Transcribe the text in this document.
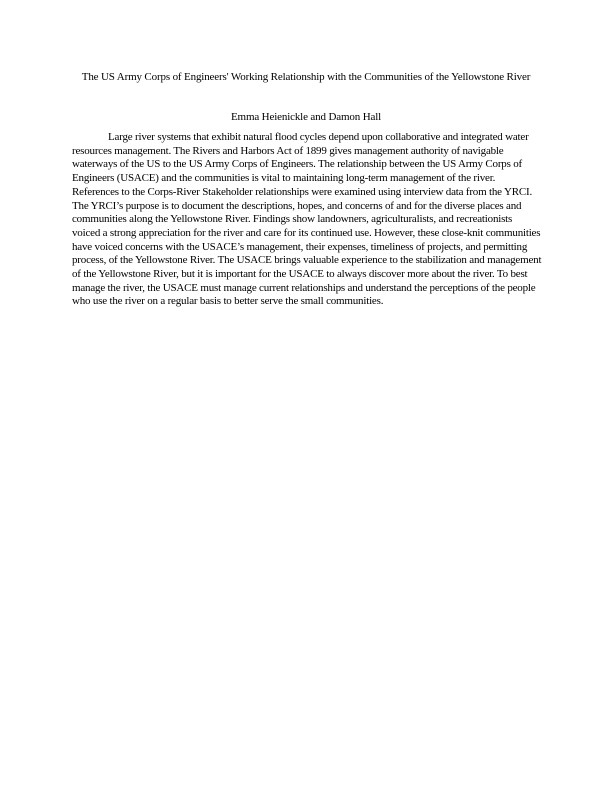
The US Army Corps of Engineers' Working Relationship with the Communities of the Yellowstone River
Emma Heienickle and Damon Hall

Large river systems that exhibit natural flood cycles depend upon collaborative and integrated water resources management. The Rivers and Harbors Act of 1899 gives management authority of navigable waterways of the US to the US Army Corps of Engineers. The relationship between the US Army Corps of Engineers (USACE) and the communities is vital to maintaining long-term management of the river. References to the Corps-River Stakeholder relationships were examined using interview data from the YRCI. The YRCI’s purpose is to document the descriptions, hopes, and concerns of and for the diverse places and communities along the Yellowstone River. Findings show landowners, agriculturalists, and recreationists voiced a strong appreciation for the river and care for its continued use. However, these close-knit communities have voiced concerns with the USACE’s management, their expenses, timeliness of projects, and permitting process, of the Yellowstone River. The USACE brings valuable experience to the stabilization and management of the Yellowstone River, but it is important for the USACE to always discover more about the river. To best manage the river, the USACE must manage current relationships and understand the perceptions of the people who use the river on a regular basis to better serve the small communities.
